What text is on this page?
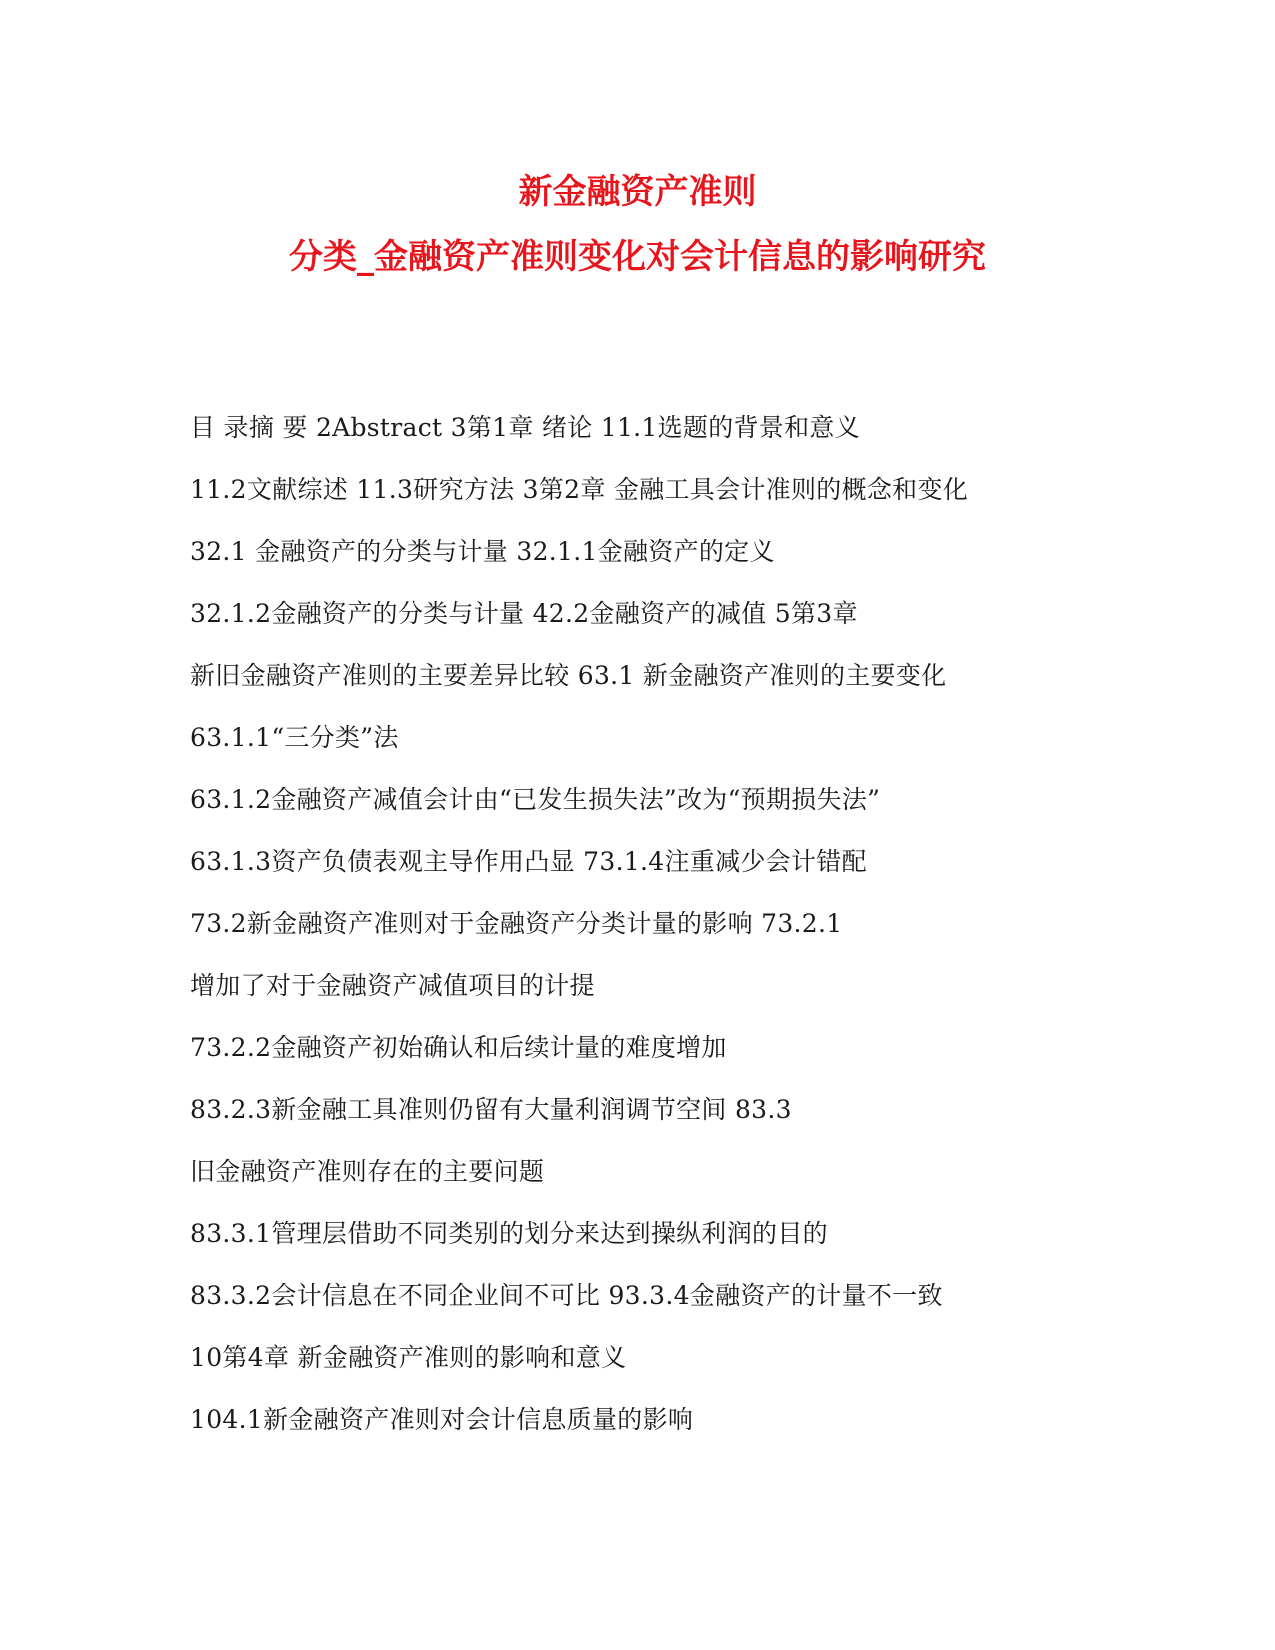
新金融资产准则
分类_金融资产准则变化对会计信息的影响研究
目 录摘 要 2Abstract 3第1章 绪论 11.1选题的背景和意义
11.2文献综述 11.3研究方法 3第2章 金融工具会计准则的概念和变化
32.1 金融资产的分类与计量 32.1.1金融资产的定义
32.1.2金融资产的分类与计量 42.2金融资产的减值 5第3章
新旧金融资产准则的主要差异比较 63.1 新金融资产准则的主要变化
63.1.1“三分类”法
63.1.2金融资产减值会计由“已发生损失法”改为“预期损失法”
63.1.3资产负债表观主导作用凸显 73.1.4注重减少会计错配
73.2新金融资产准则对于金融资产分类计量的影响 73.2.1
增加了对于金融资产减值项目的计提
73.2.2金融资产初始确认和后续计量的难度增加
83.2.3新金融工具准则仍留有大量利润调节空间 83.3
旧金融资产准则存在的主要问题
83.3.1管理层借助不同类别的划分来达到操纵利润的目的
83.3.2会计信息在不同企业间不可比 93.3.4金融资产的计量不一致
10第4章 新金融资产准则的影响和意义
104.1新金融资产准则对会计信息质量的影响
